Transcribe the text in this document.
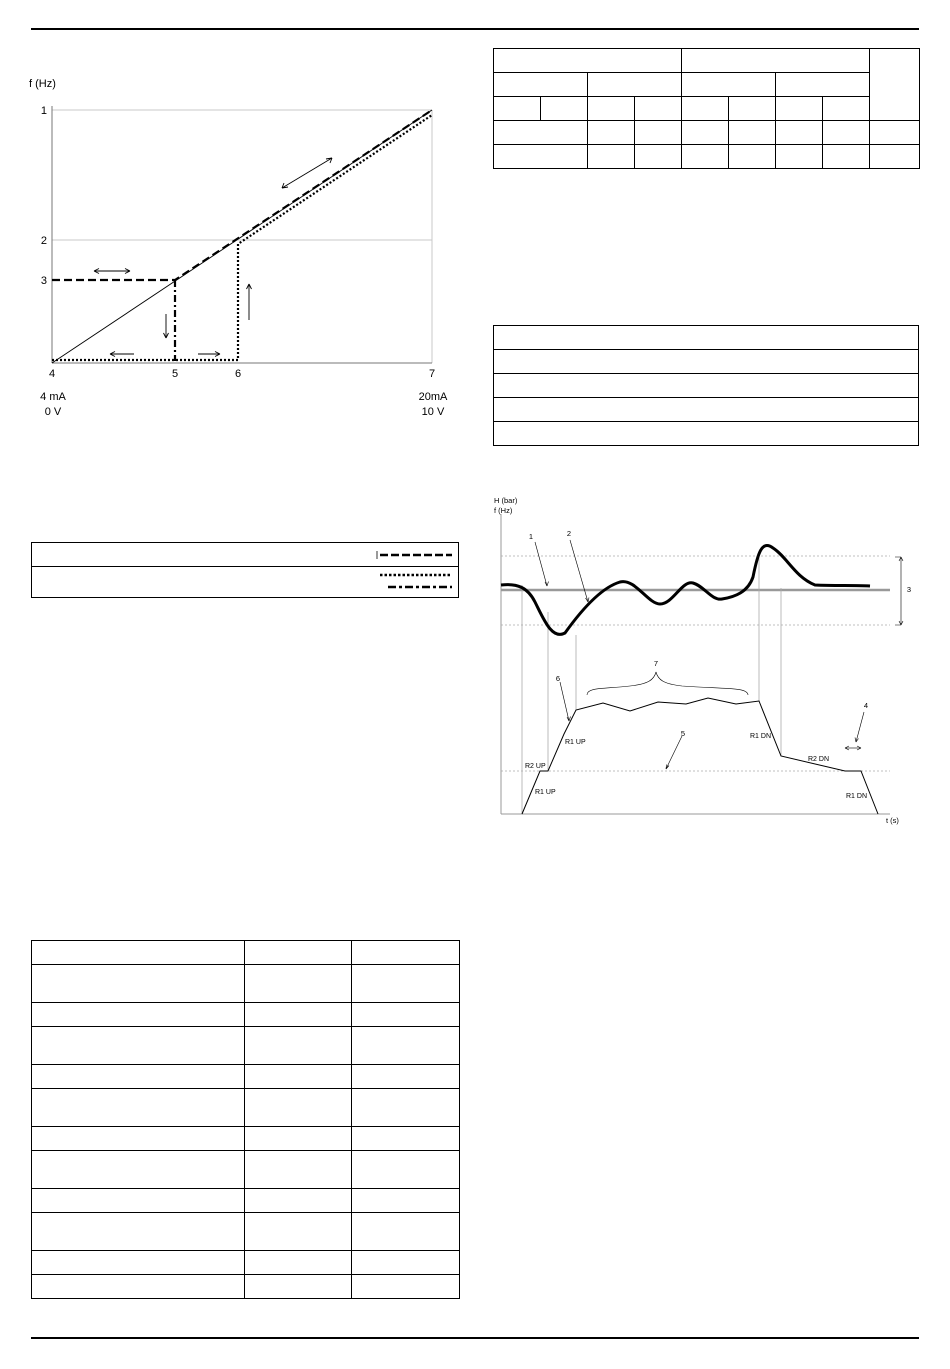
f (Hz)
1
2
3
4	5	6	7
4 mA
0 V
20mA
10 V

H (bar)
f (Hz)
t (s)
1	2
3
4
5
6
7
R2 UP
R1 UP
R1 UP
R1 DN
R2 DN
R1 DN
